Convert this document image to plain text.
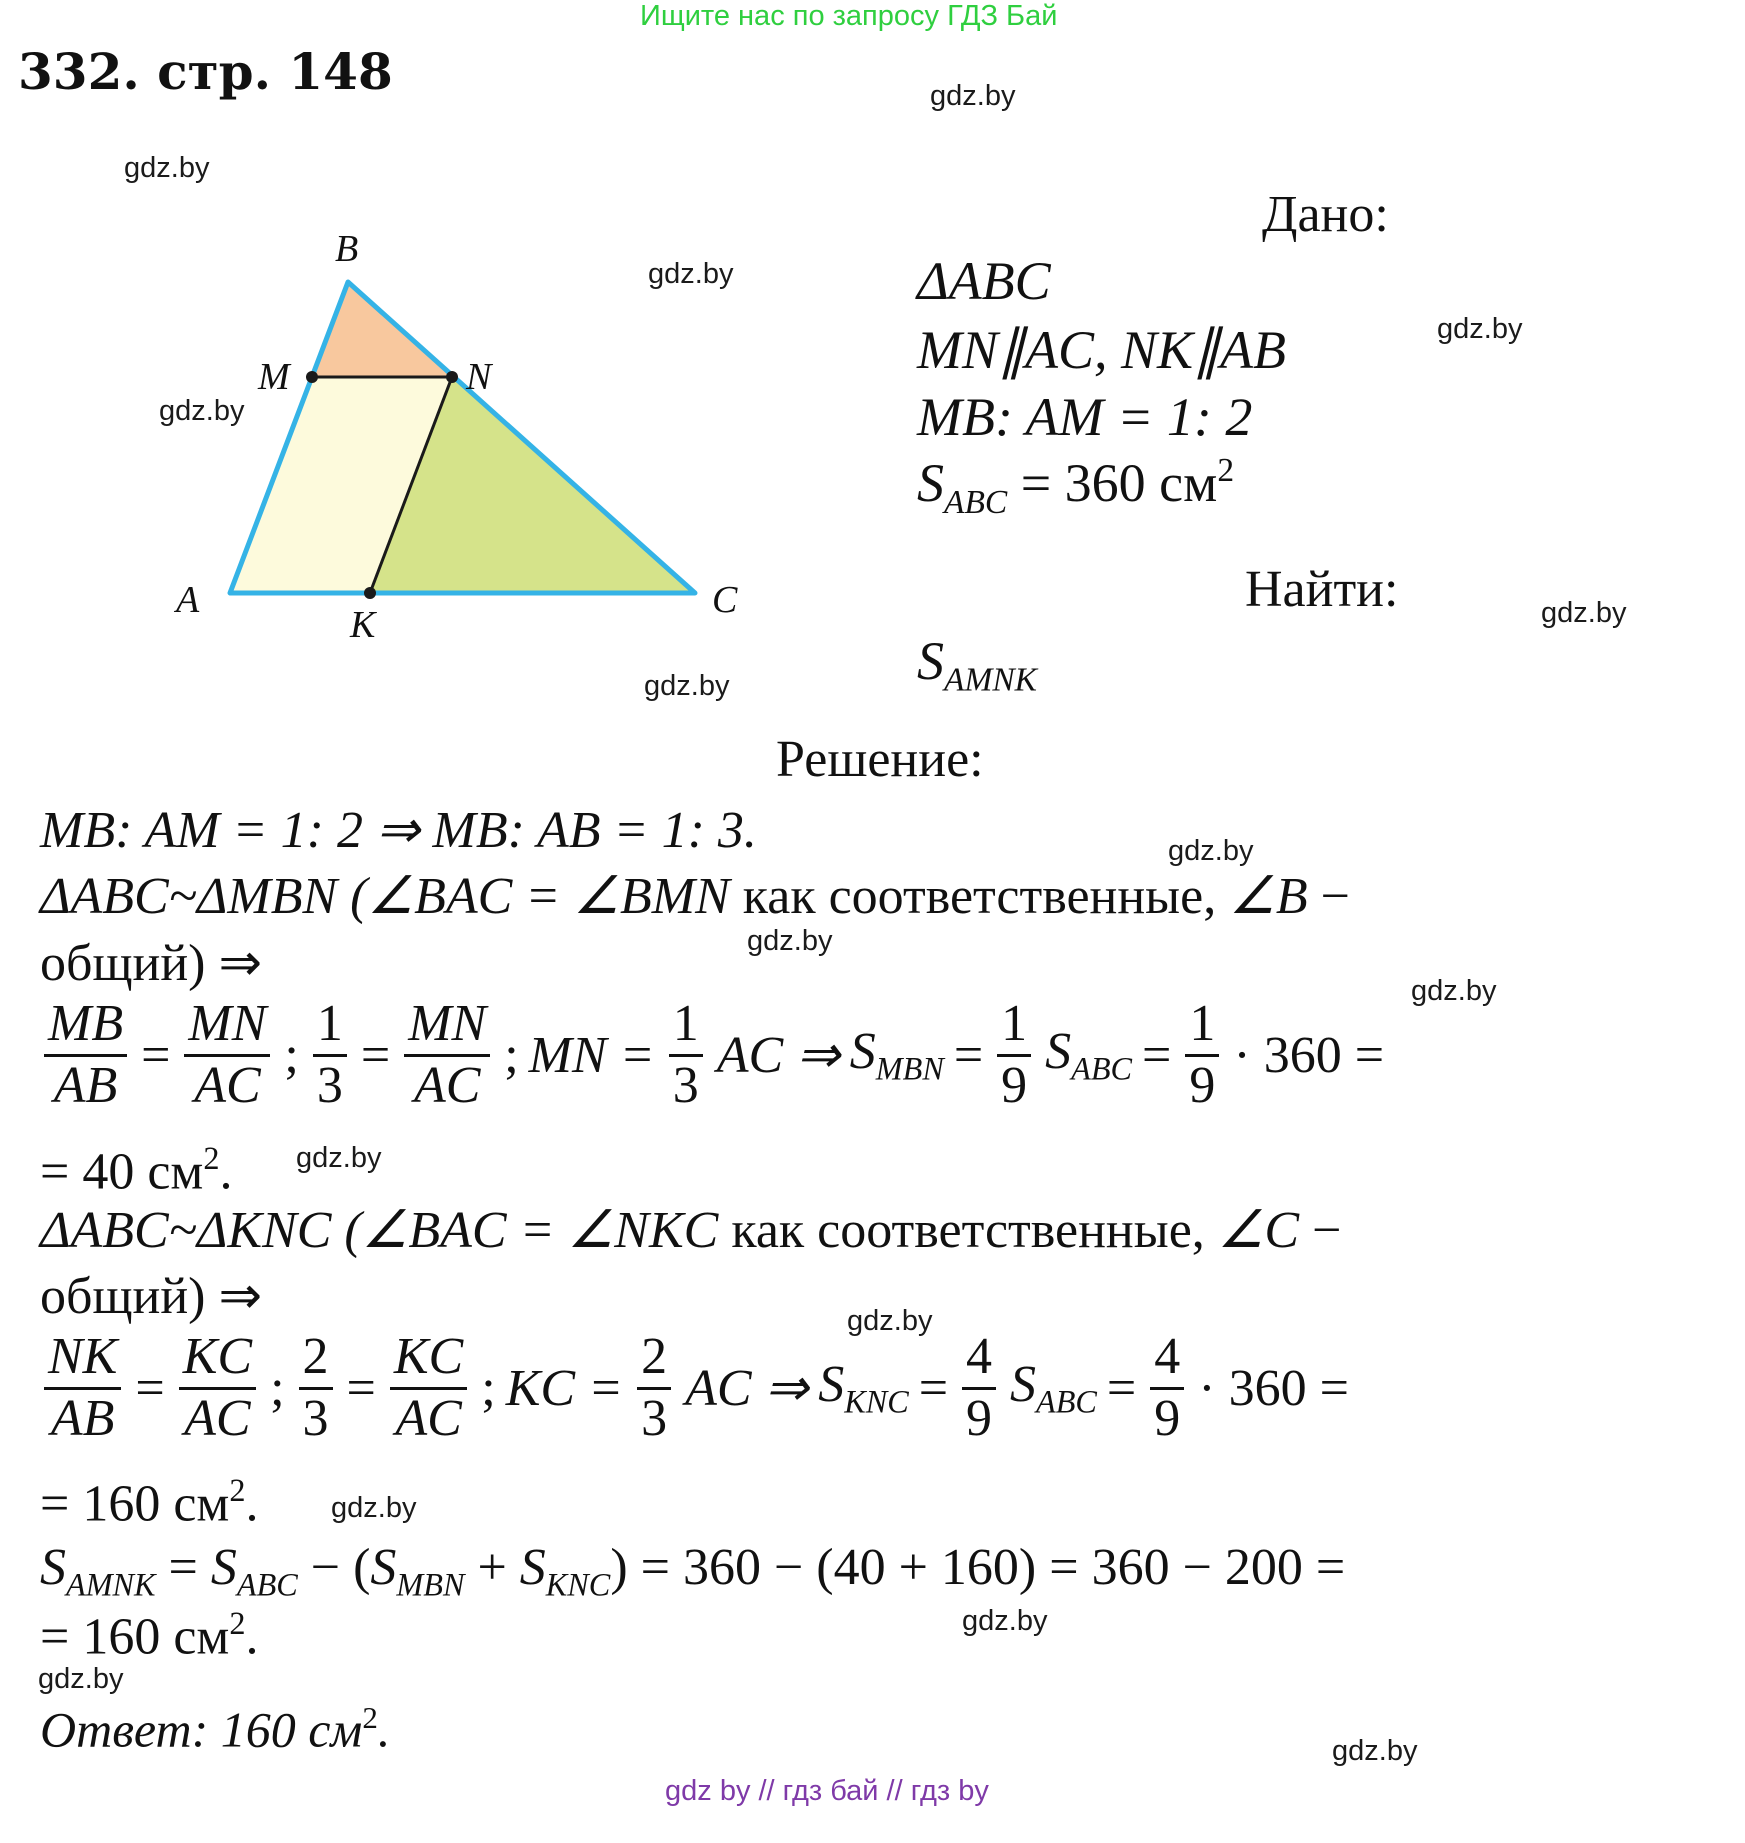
Ищите нас по запросу ГДЗ Бай
332. стр. 148	gdz.by
gdz.by
gdz.by
gdz.by
gdz.by
gdz.by
gdz.by
gdz.by
gdz.by
gdz.by
gdz.by
gdz.by
gdz.by
gdz.by
gdz.by
gdz.by
B
M	N
A
K
C
Дано:
ΔABC
MN∥AC, NK∥AB
MB: AM = 1: 2
$S_{ABC} = 360$ $см^2$
Найти:
$S_{AMNK}$
Решение:
MB: AM = 1: 2 ⇒ MB: AB = 1: 3.
ΔABC~ΔMBN (∠BAC = ∠BMN как соответственные, ∠B −
общий) ⇒
$\frac{MB}{AB} = \frac{MN}{AC}$ ; $\frac{1}{3} = \frac{MN}{AC}$ ; MN = $\frac{1}{3}$ AC ⇒ $S_{MBN} = \frac{1}{9} S_{ABC} = \frac{1}{9} \cdot 360$ =
= 40 $см^2$.
ΔABC~ΔKNC (∠BAC = ∠NKC как соответственные, ∠C −
общий) ⇒
$\frac{NK}{AB} = \frac{KC}{AC}$ ; $\frac{2}{3} = \frac{KC}{AC}$ ; KC = $\frac{2}{3}$ AC ⇒ $S_{KNC} = \frac{4}{9} S_{ABC} = \frac{4}{9} \cdot 360$ =
= 160 $см^2$.
$S_{AMNK} = S_{ABC} - (S_{MBN} + S_{KNC}) = 360 - (40 + 160) = 360 - 200$ =
= 160 $см^2$.
Ответ: 160 $см^2$.
gdz by // гдз бай // гдз by
